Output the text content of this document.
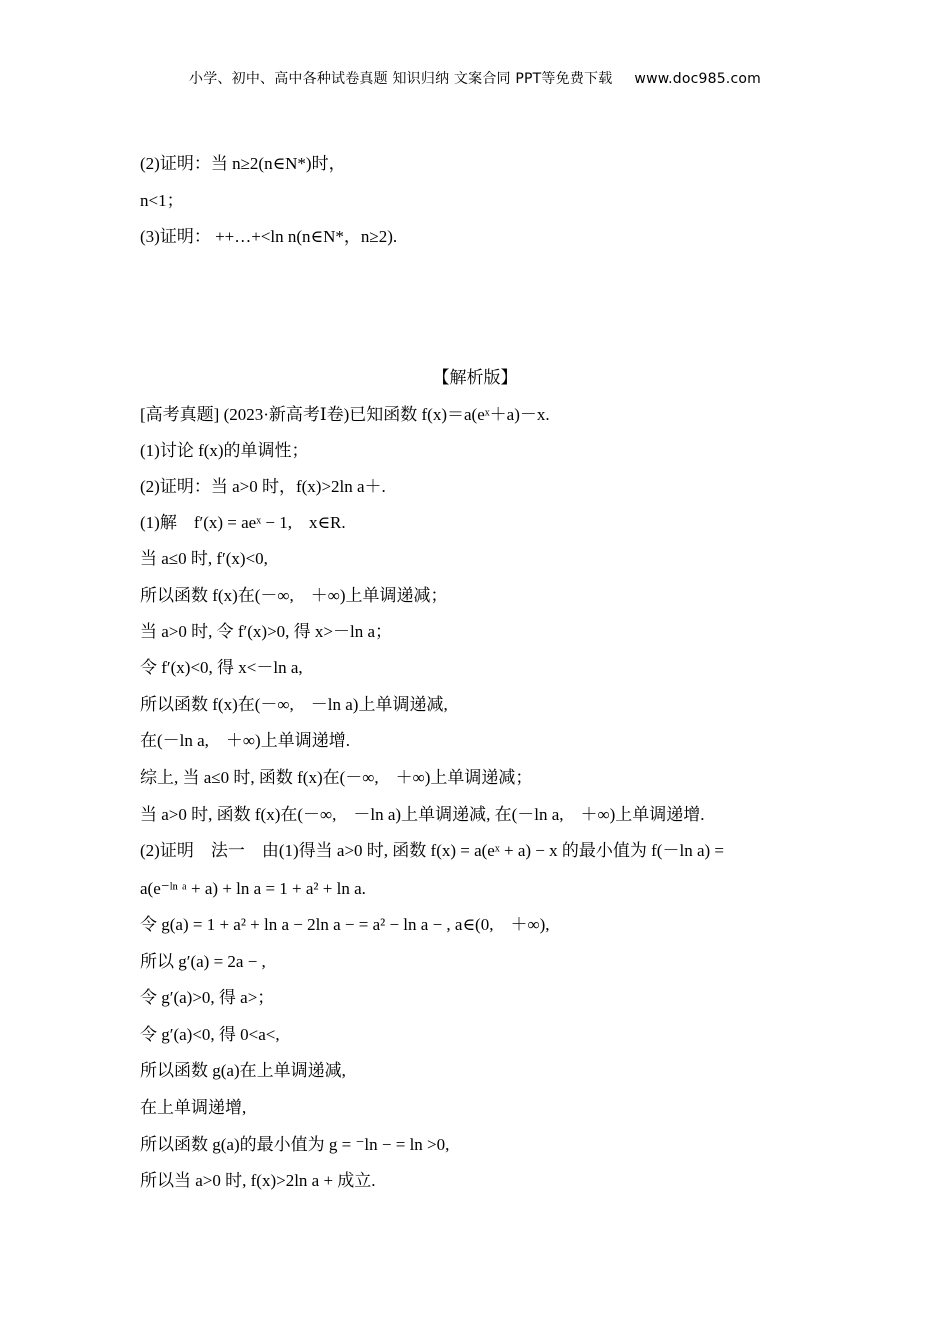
小学、初中、高中各种试卷真题 知识归纳 文案合同 PPT等免费下载 www.doc985.com
(2)证明：当 n≥2(n∈N*)时，
n<1；
(3)证明： ++…+<ln n(n∈N*，n≥2).
【解析版】
[高考真题] (2023·新高考Ⅰ卷)已知函数 f(x)＝a(eˣ＋a)－x.
(1)讨论 f(x)的单调性；
(2)证明：当 a>0 时，f(x)>2ln a＋.
(1)解　f′(x) = aeˣ − 1,　x∈R.
当 a≤0 时, f′(x)<0,
所以函数 f(x)在(－∞,　＋∞)上单调递减；
当 a>0 时, 令 f′(x)>0, 得 x>－ln a；
令 f′(x)<0, 得 x<－ln a,
所以函数 f(x)在(－∞,　－ln a)上单调递减,
在(－ln a,　＋∞)上单调递增.
综上, 当 a≤0 时, 函数 f(x)在(－∞,　＋∞)上单调递减；
当 a>0 时, 函数 f(x)在(－∞,　－ln a)上单调递减, 在(－ln a,　＋∞)上单调递增.
(2)证明　法一　由(1)得当 a>0 时, 函数 f(x) = a(eˣ + a) − x 的最小值为 f(－ln a) =
a(e⁻ˡⁿ ᵃ + a) + ln a = 1 + a² + ln a.
令 g(a) = 1 + a² + ln a − 2ln a − = a² − ln a − , a∈(0,　＋∞),
所以 g′(a) = 2a − ,
令 g′(a)>0, 得 a>；
令 g′(a)<0, 得 0<a<,
所以函数 g(a)在上单调递减,
在上单调递增,
所以函数 g(a)的最小值为 g = ⁻ln − = ln >0,
所以当 a>0 时, f(x)>2ln a + 成立.
